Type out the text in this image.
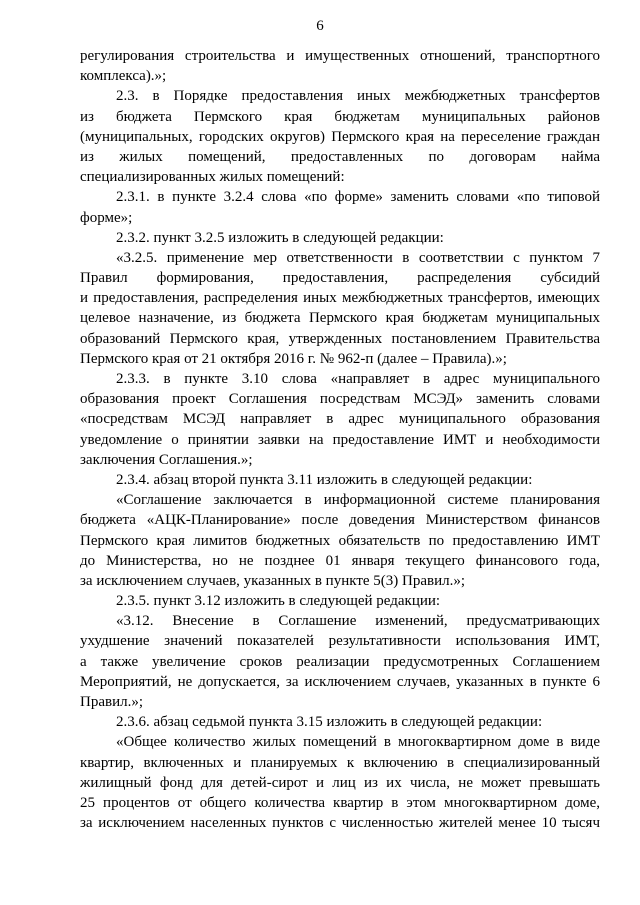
6
регулирования строительства и имущественных отношений, транспортного
комплекса).»;
2.3. в Порядке предоставления иных межбюджетных трансфертов
из бюджета Пермского края бюджетам муниципальных районов
(муниципальных, городских округов) Пермского края на переселение граждан
из жилых помещений, предоставленных по договорам найма
специализированных жилых помещений:
2.3.1. в пункте 3.2.4 слова «по форме» заменить словами «по типовой
форме»;
2.3.2. пункт 3.2.5 изложить в следующей редакции:
«3.2.5. применение мер ответственности в соответствии с пунктом 7
Правил формирования, предоставления, распределения субсидий
и предоставления, распределения иных межбюджетных трансфертов, имеющих
целевое назначение, из бюджета Пермского края бюджетам муниципальных
образований Пермского края, утвержденных постановлением Правительства
Пермского края от 21 октября 2016 г. № 962-п (далее – Правила).»;
2.3.3. в пункте 3.10 слова «направляет в адрес муниципального
образования проект Соглашения посредствам МСЭД» заменить словами
«посредствам МСЭД направляет в адрес муниципального образования
уведомление о принятии заявки на предоставление ИМТ и необходимости
заключения Соглашения.»;
2.3.4. абзац второй пункта 3.11 изложить в следующей редакции:
«Соглашение заключается в информационной системе планирования
бюджета «АЦК-Планирование» после доведения Министерством финансов
Пермского края лимитов бюджетных обязательств по предоставлению ИМТ
до Министерства, но не позднее 01 января текущего финансового года,
за исключением случаев, указанных в пункте 5(3) Правил.»;
2.3.5. пункт 3.12 изложить в следующей редакции:
«3.12. Внесение в Соглашение изменений, предусматривающих
ухудшение значений показателей результативности использования ИМТ,
а также увеличение сроков реализации предусмотренных Соглашением
Мероприятий, не допускается, за исключением случаев, указанных в пункте 6
Правил.»;
2.3.6. абзац седьмой пункта 3.15 изложить в следующей редакции:
«Общее количество жилых помещений в многоквартирном доме в виде
квартир, включенных и планируемых к включению в специализированный
жилищный фонд для детей-сирот и лиц из их числа, не может превышать
25 процентов от общего количества квартир в этом многоквартирном доме,
за исключением населенных пунктов с численностью жителей менее 10 тысяч
